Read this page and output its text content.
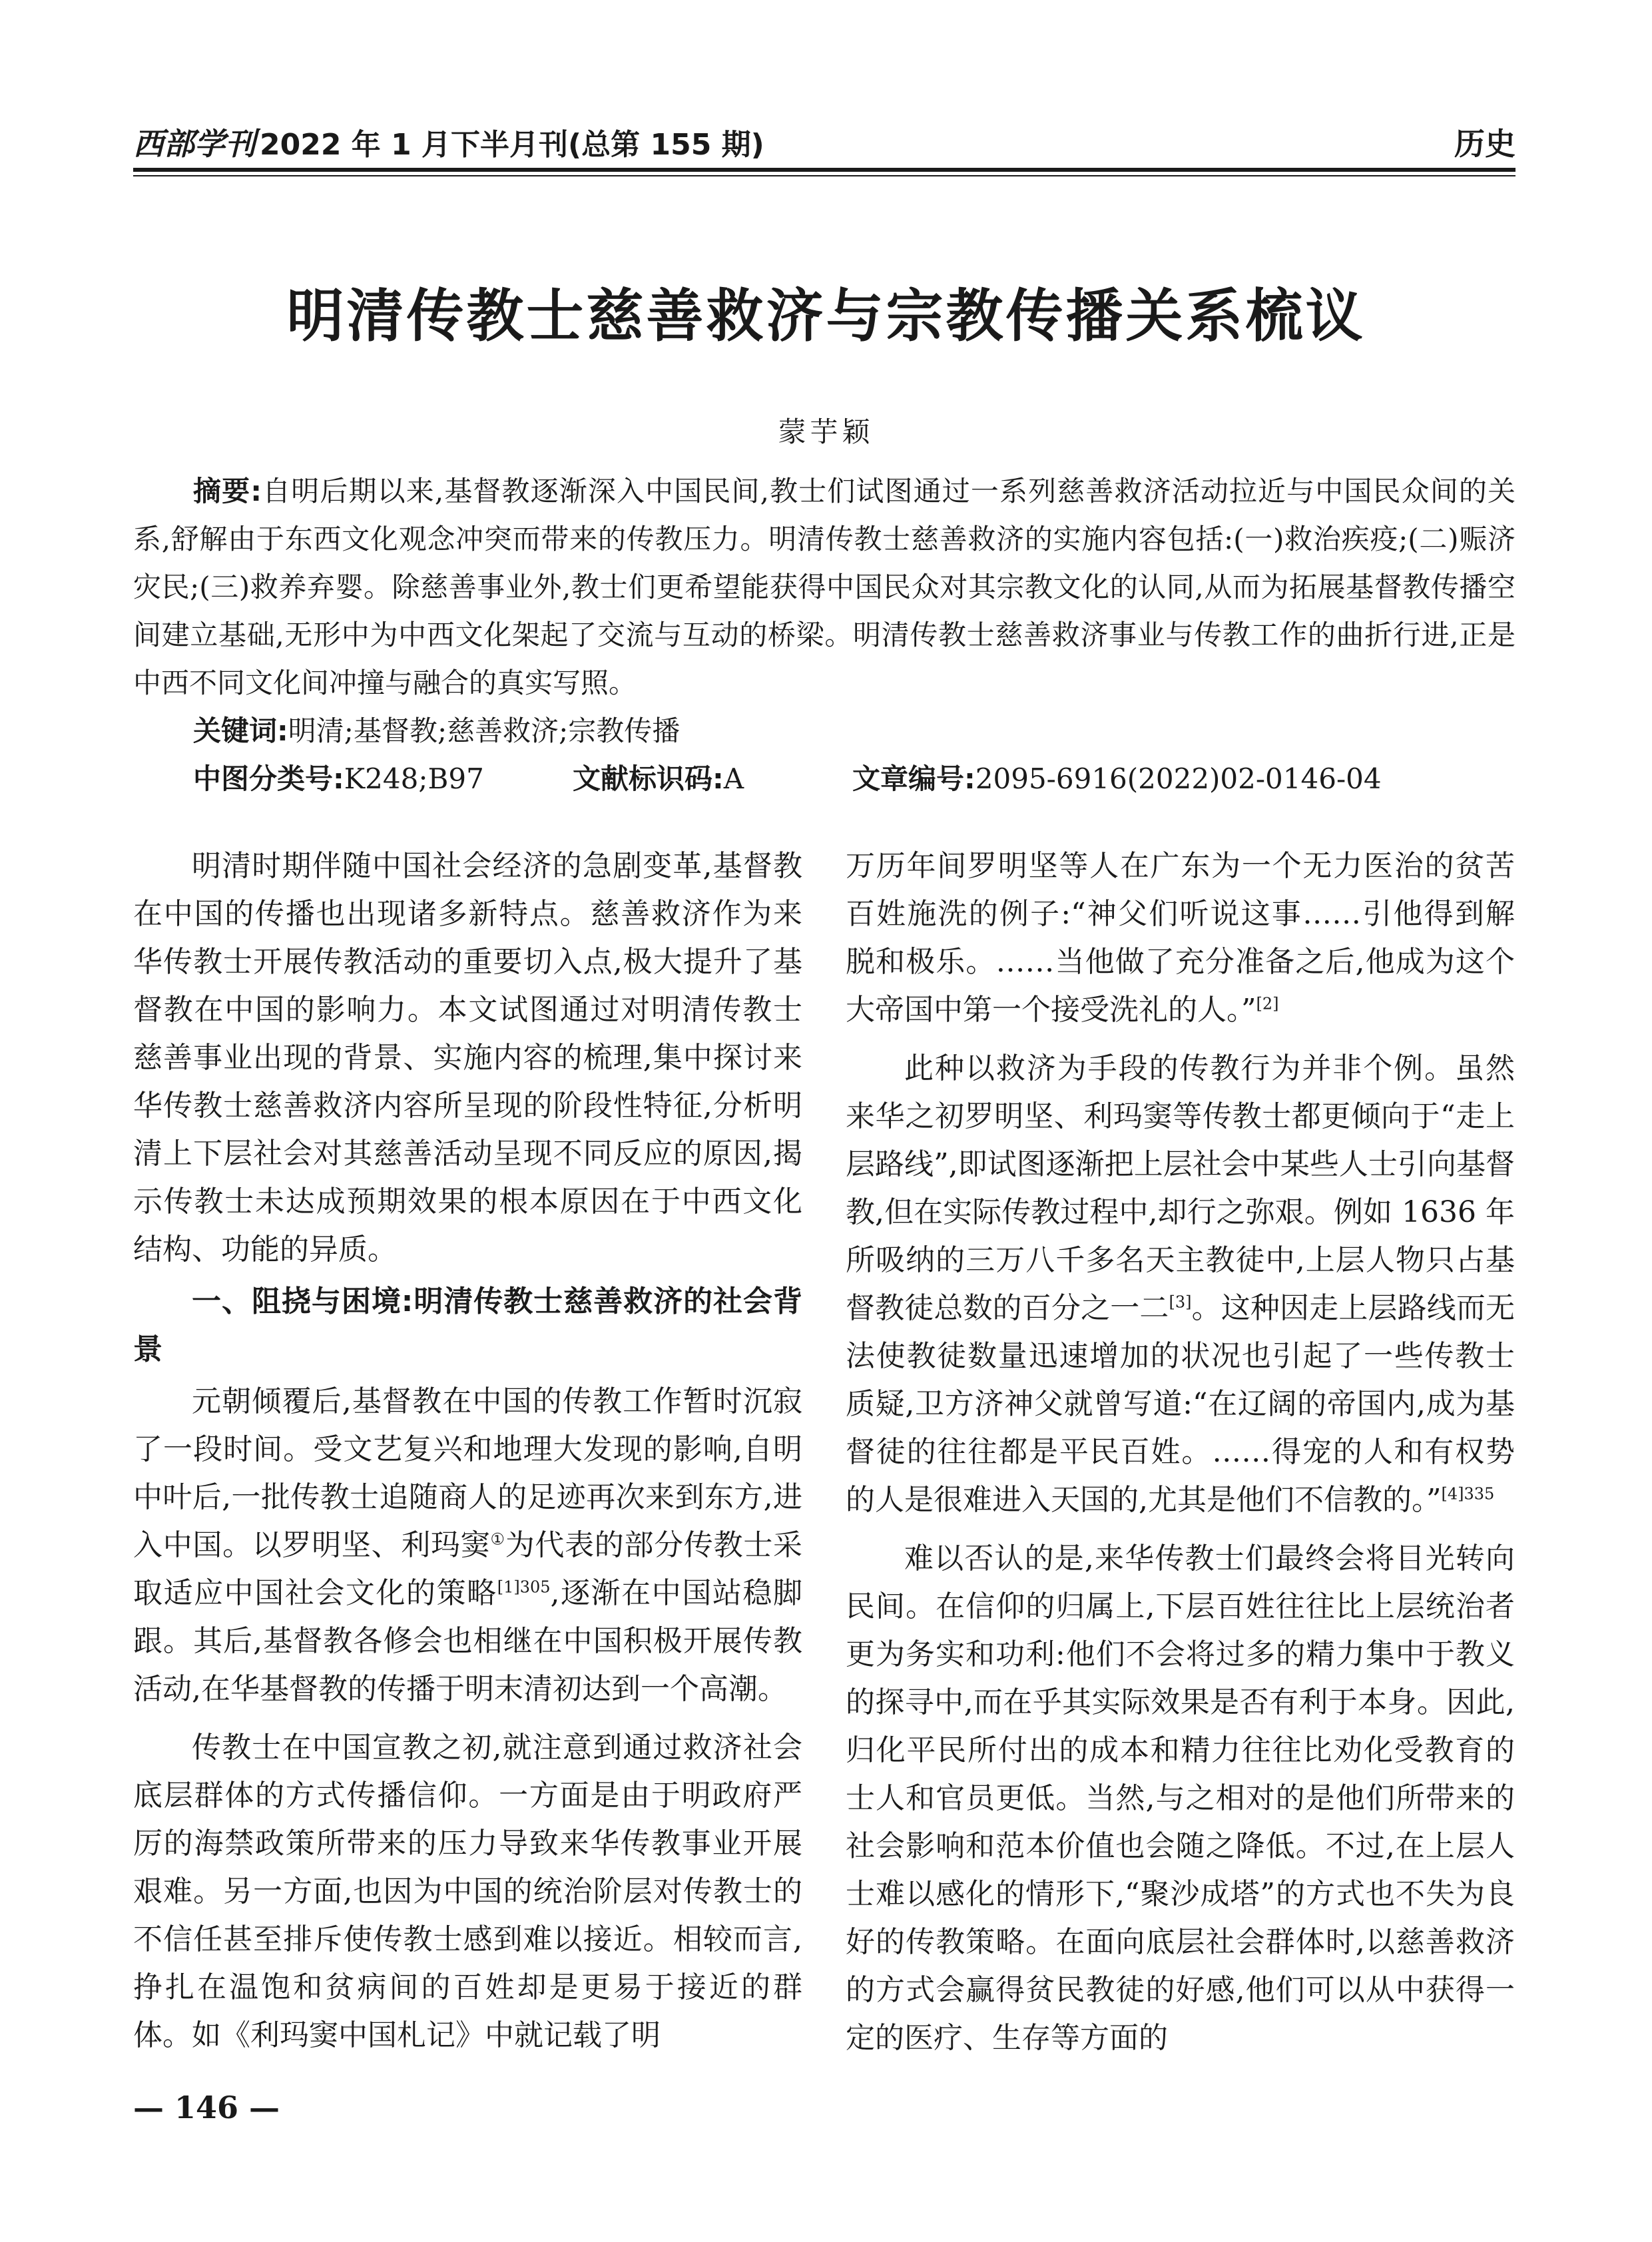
西部学刊 2022 年 1 月下半月刊(总第 155 期)	历史
明清传教士慈善救济与宗教传播关系梳议
蒙芋颖
摘要:自明后期以来,基督教逐渐深入中国民间,教士们试图通过一系列慈善救济活动拉近与中国民众间的关系,舒解由于东西文化观念冲突而带来的传教压力。明清传教士慈善救济的实施内容包括:(一)救治疾疫;(二)赈济灾民;(三)救养弃婴。除慈善事业外,教士们更希望能获得中国民众对其宗教文化的认同,从而为拓展基督教传播空间建立基础,无形中为中西文化架起了交流与互动的桥梁。明清传教士慈善救济事业与传教工作的曲折行进,正是中西不同文化间冲撞与融合的真实写照。
关键词:明清;基督教;慈善救济;宗教传播
中图分类号:K248;B97	文献标识码:A	文章编号:2095-6916(2022)02-0146-04

明清时期伴随中国社会经济的急剧变革,基督教在中国的传播也出现诸多新特点。慈善救济作为来华传教士开展传教活动的重要切入点,极大提升了基督教在中国的影响力。本文试图通过对明清传教士慈善事业出现的背景、实施内容的梳理,集中探讨来华传教士慈善救济内容所呈现的阶段性特征,分析明清上下层社会对其慈善活动呈现不同反应的原因,揭示传教士未达成预期效果的根本原因在于中西文化结构、功能的异质。

一、阻挠与困境:明清传教士慈善救济的社会背景

元朝倾覆后,基督教在中国的传教工作暂时沉寂了一段时间。受文艺复兴和地理大发现的影响,自明中叶后,一批传教士追随商人的足迹再次来到东方,进入中国。以罗明坚、利玛窦①为代表的部分传教士采取适应中国社会文化的策略$^{[1]305}$,逐渐在中国站稳脚跟。其后,基督教各修会也相继在中国积极开展传教活动,在华基督教的传播于明末清初达到一个高潮。

传教士在中国宣教之初,就注意到通过救济社会底层群体的方式传播信仰。一方面是由于明政府严厉的海禁政策所带来的压力导致来华传教事业开展艰难。另一方面,也因为中国的统治阶层对传教士的不信任甚至排斥使传教士感到难以接近。相较而言,挣扎在温饱和贫病间的百姓却是更易于接近的群体。如《利玛窦中国札记》中就记载了明

万历年间罗明坚等人在广东为一个无力医治的贫苦百姓施洗的例子:“神父们听说这事……引他得到解脱和极乐。……当他做了充分准备之后,他成为这个大帝国中第一个接受洗礼的人。”[2]

此种以救济为手段的传教行为并非个例。虽然来华之初罗明坚、利玛窦等传教士都更倾向于“走上层路线”,即试图逐渐把上层社会中某些人士引向基督教,但在实际传教过程中,却行之弥艰。例如 1636 年所吸纳的三万八千多名天主教徒中,上层人物只占基督教徒总数的百分之一二[3]。这种因走上层路线而无法使教徒数量迅速增加的状况也引起了一些传教士质疑,卫方济神父就曾写道:“在辽阔的帝国内,成为基督徒的往往都是平民百姓。……得宠的人和有权势的人是很难进入天国的,尤其是他们不信教的。”$^{[4]335}$

难以否认的是,来华传教士们最终会将目光转向民间。在信仰的归属上,下层百姓往往比上层统治者更为务实和功利:他们不会将过多的精力集中于教义的探寻中,而在乎其实际效果是否有利于本身。因此,归化平民所付出的成本和精力往往比劝化受教育的士人和官员更低。当然,与之相对的是他们所带来的社会影响和范本价值也会随之降低。不过,在上层人士难以感化的情形下,“聚沙成塔”的方式也不失为良好的传教策略。在面向底层社会群体时,以慈善救济的方式会赢得贫民教徒的好感,他们可以从中获得一定的医疗、生存等方面的

— 146 —
